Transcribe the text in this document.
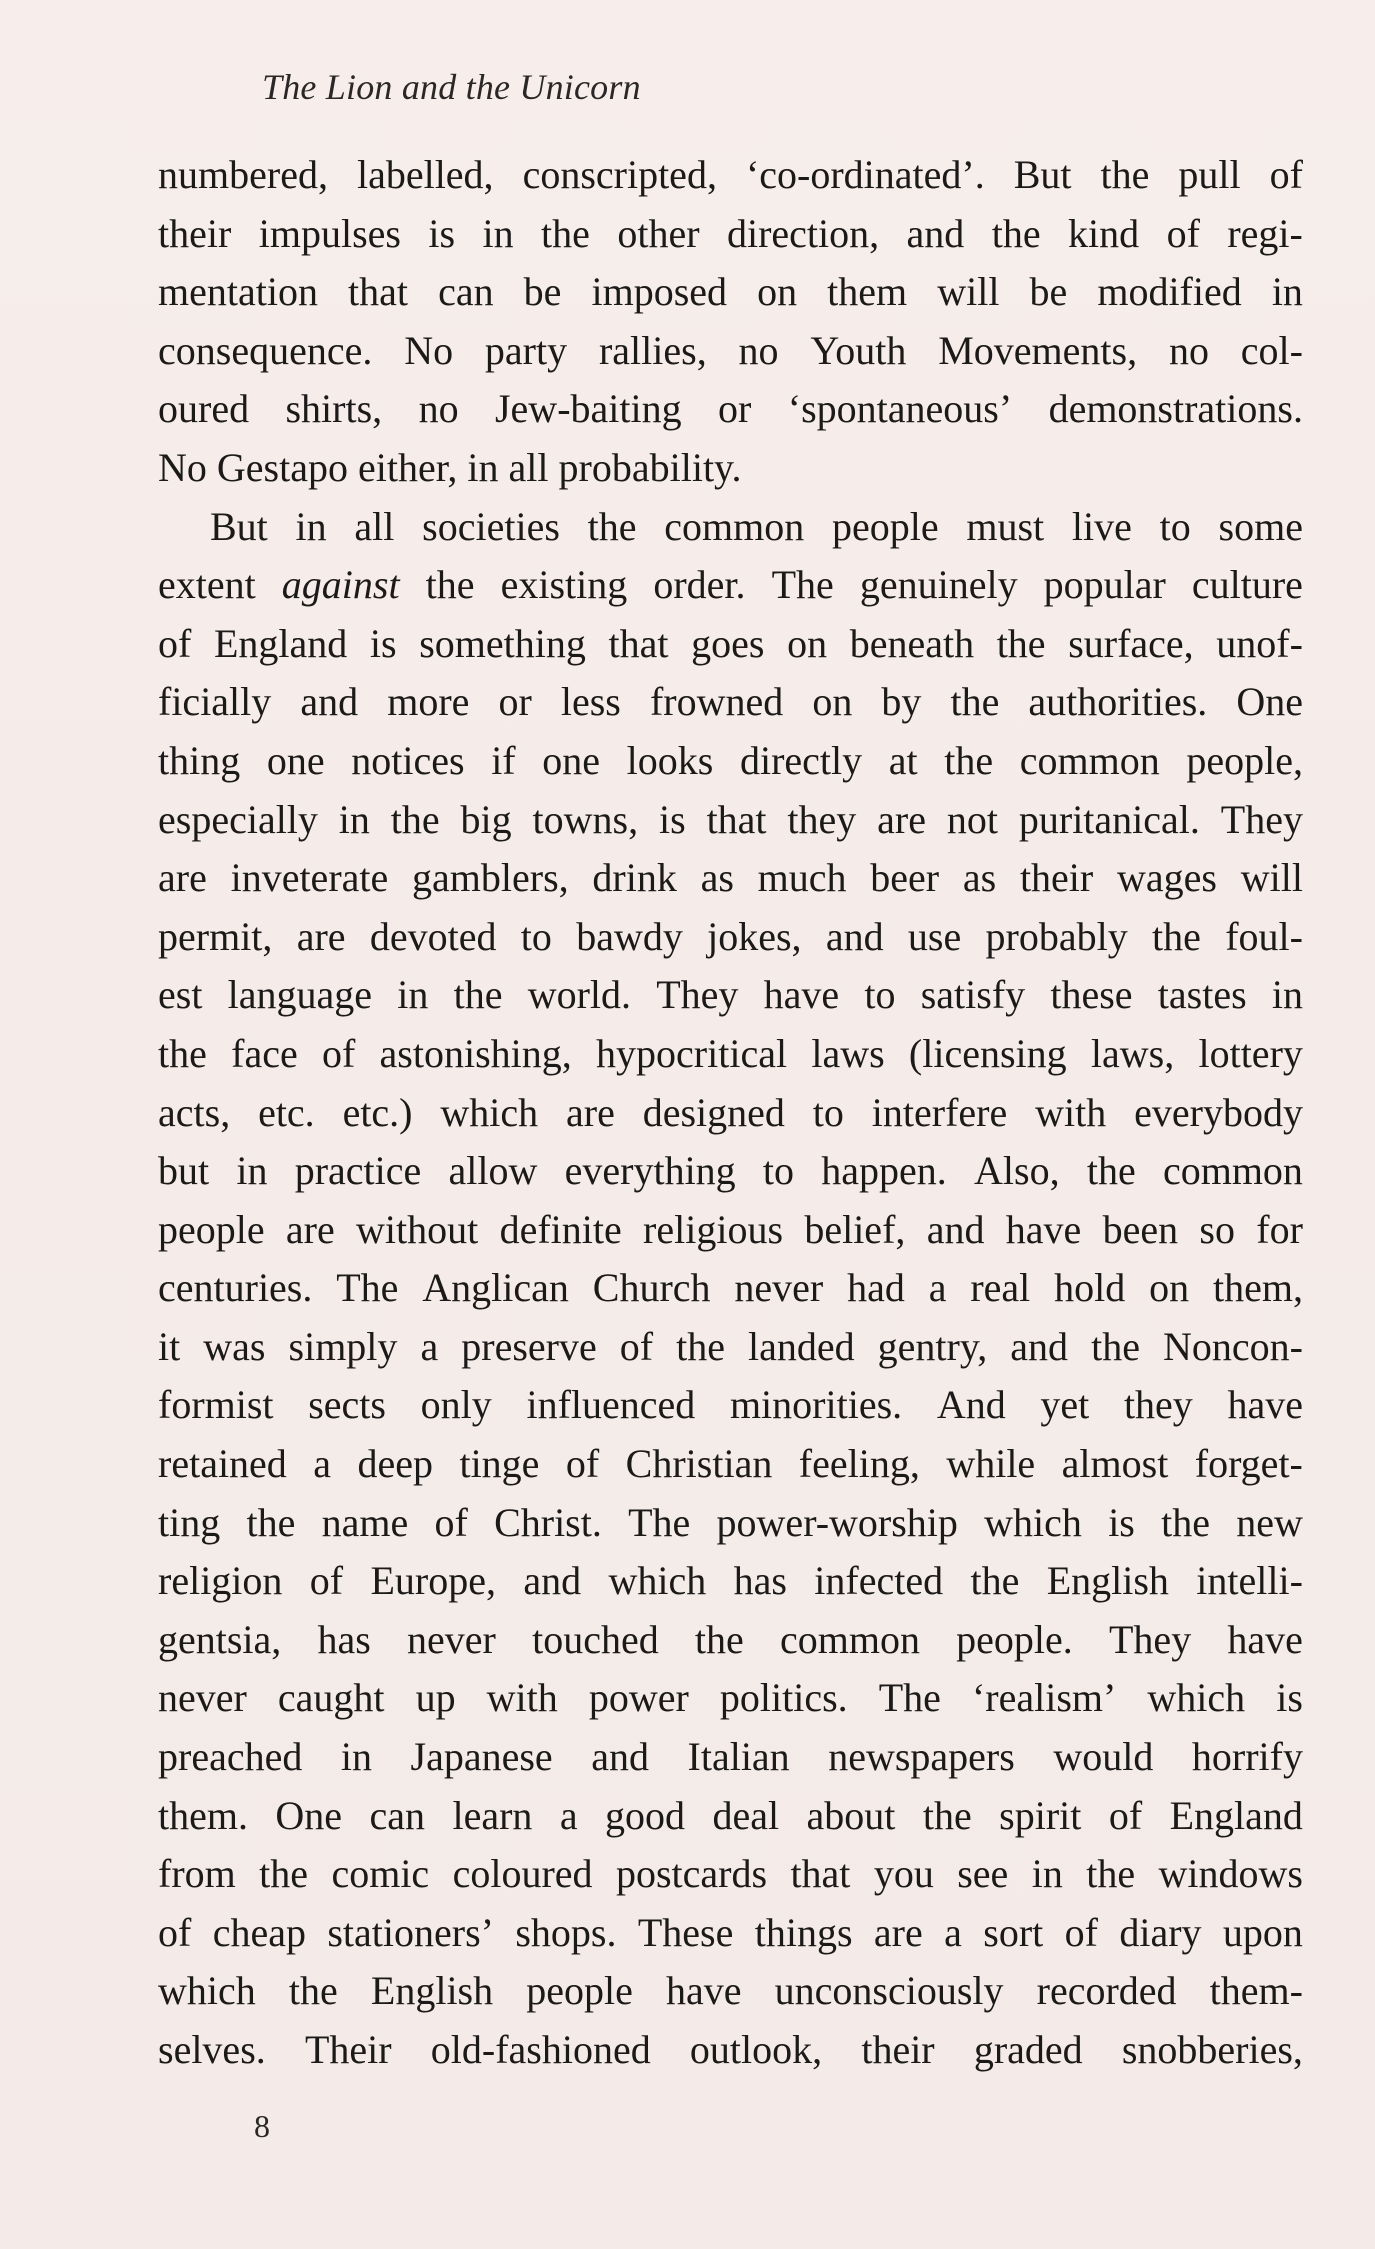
The Lion and the Unicorn
numbered, labelled, conscripted, ‘co-ordinated’. But the pull of
their impulses is in the other direction, and the kind of regi-
mentation that can be imposed on them will be modified in
consequence. No party rallies, no Youth Movements, no col-
oured shirts, no Jew-baiting or ‘spontaneous’ demonstrations.
No Gestapo either, in all probability.
But in all societies the common people must live to some
extent against the existing order. The genuinely popular culture
of England is something that goes on beneath the surface, unof-
ficially and more or less frowned on by the authorities. One
thing one notices if one looks directly at the common people,
especially in the big towns, is that they are not puritanical. They
are inveterate gamblers, drink as much beer as their wages will
permit, are devoted to bawdy jokes, and use probably the foul-
est language in the world. They have to satisfy these tastes in
the face of astonishing, hypocritical laws (licensing laws, lottery
acts, etc. etc.) which are designed to interfere with everybody
but in practice allow everything to happen. Also, the common
people are without definite religious belief, and have been so for
centuries. The Anglican Church never had a real hold on them,
it was simply a preserve of the landed gentry, and the Noncon-
formist sects only influenced minorities. And yet they have
retained a deep tinge of Christian feeling, while almost forget-
ting the name of Christ. The power-worship which is the new
religion of Europe, and which has infected the English intelli-
gentsia, has never touched the common people. They have
never caught up with power politics. The ‘realism’ which is
preached in Japanese and Italian newspapers would horrify
them. One can learn a good deal about the spirit of England
from the comic coloured postcards that you see in the windows
of cheap stationers’ shops. These things are a sort of diary upon
which the English people have unconsciously recorded them-
selves. Their old-fashioned outlook, their graded snobberies,
8
